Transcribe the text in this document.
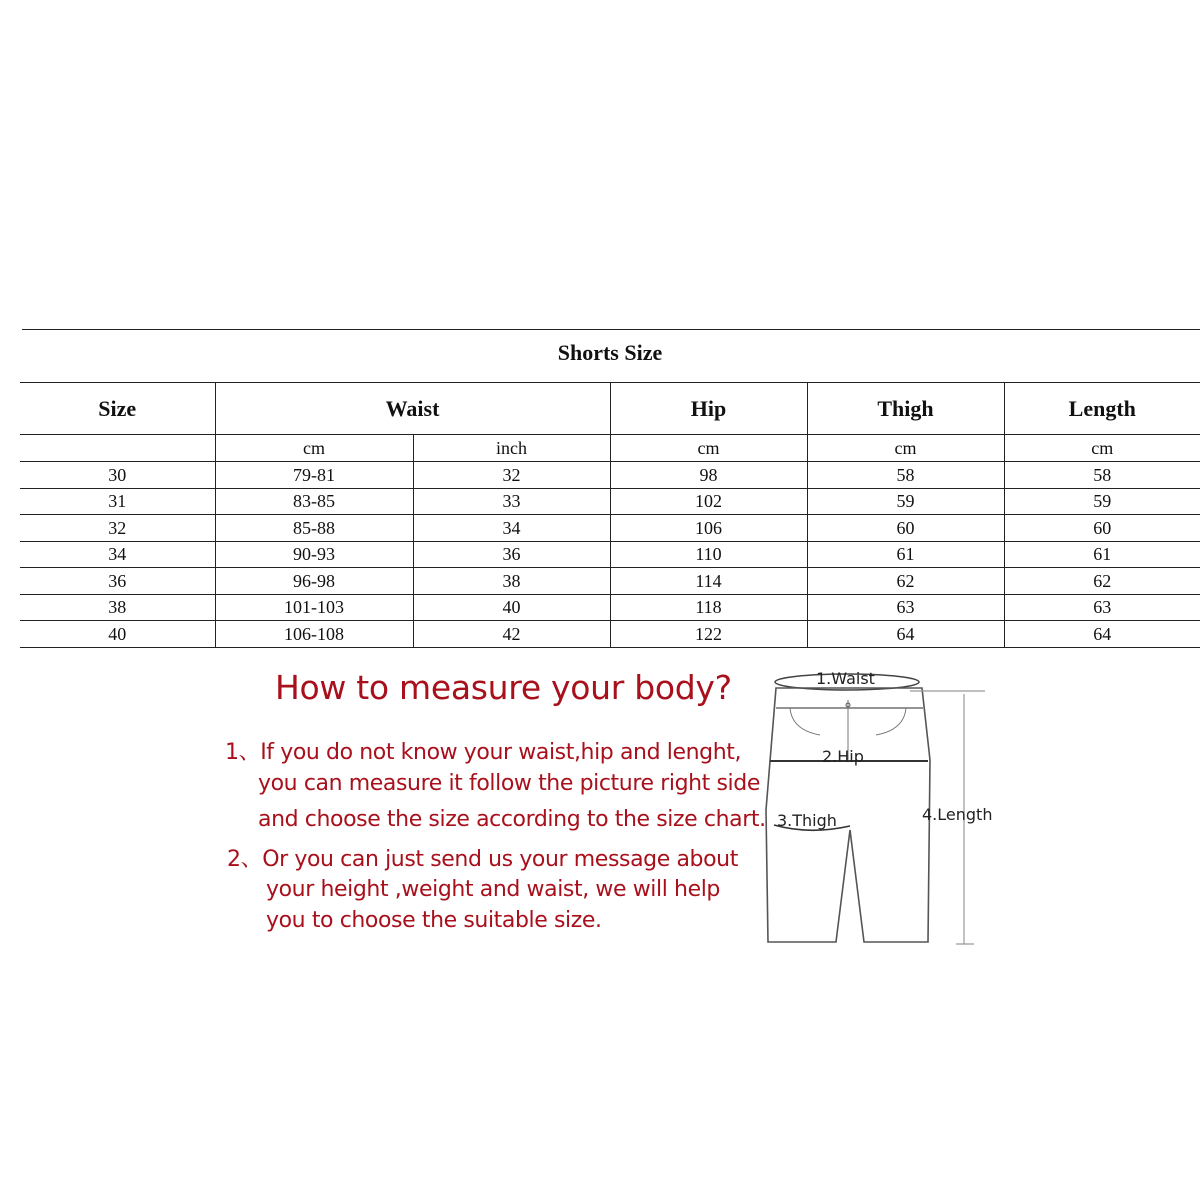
Shorts Size
Size	Waist		Hip	Thigh	Length
	cm	inch	cm	cm	cm
30	79-81	32	98	58	58
31	83-85	33	102	59	59
32	85-88	34	106	60	60
34	90-93	36	110	61	61
36	96-98	38	114	62	62
38	101-103	40	118	63	63
40	106-108	42	122	64	64
How to measure your body?
1、If you do not know your waist,hip and lenght,
you can measure it follow the picture right side
and choose the size according to the size chart.
2、Or you can just send us your message about
your height ,weight and waist, we will help
you to choose the suitable size.
1.Waist
2.Hip
3.Thigh	4.Length
